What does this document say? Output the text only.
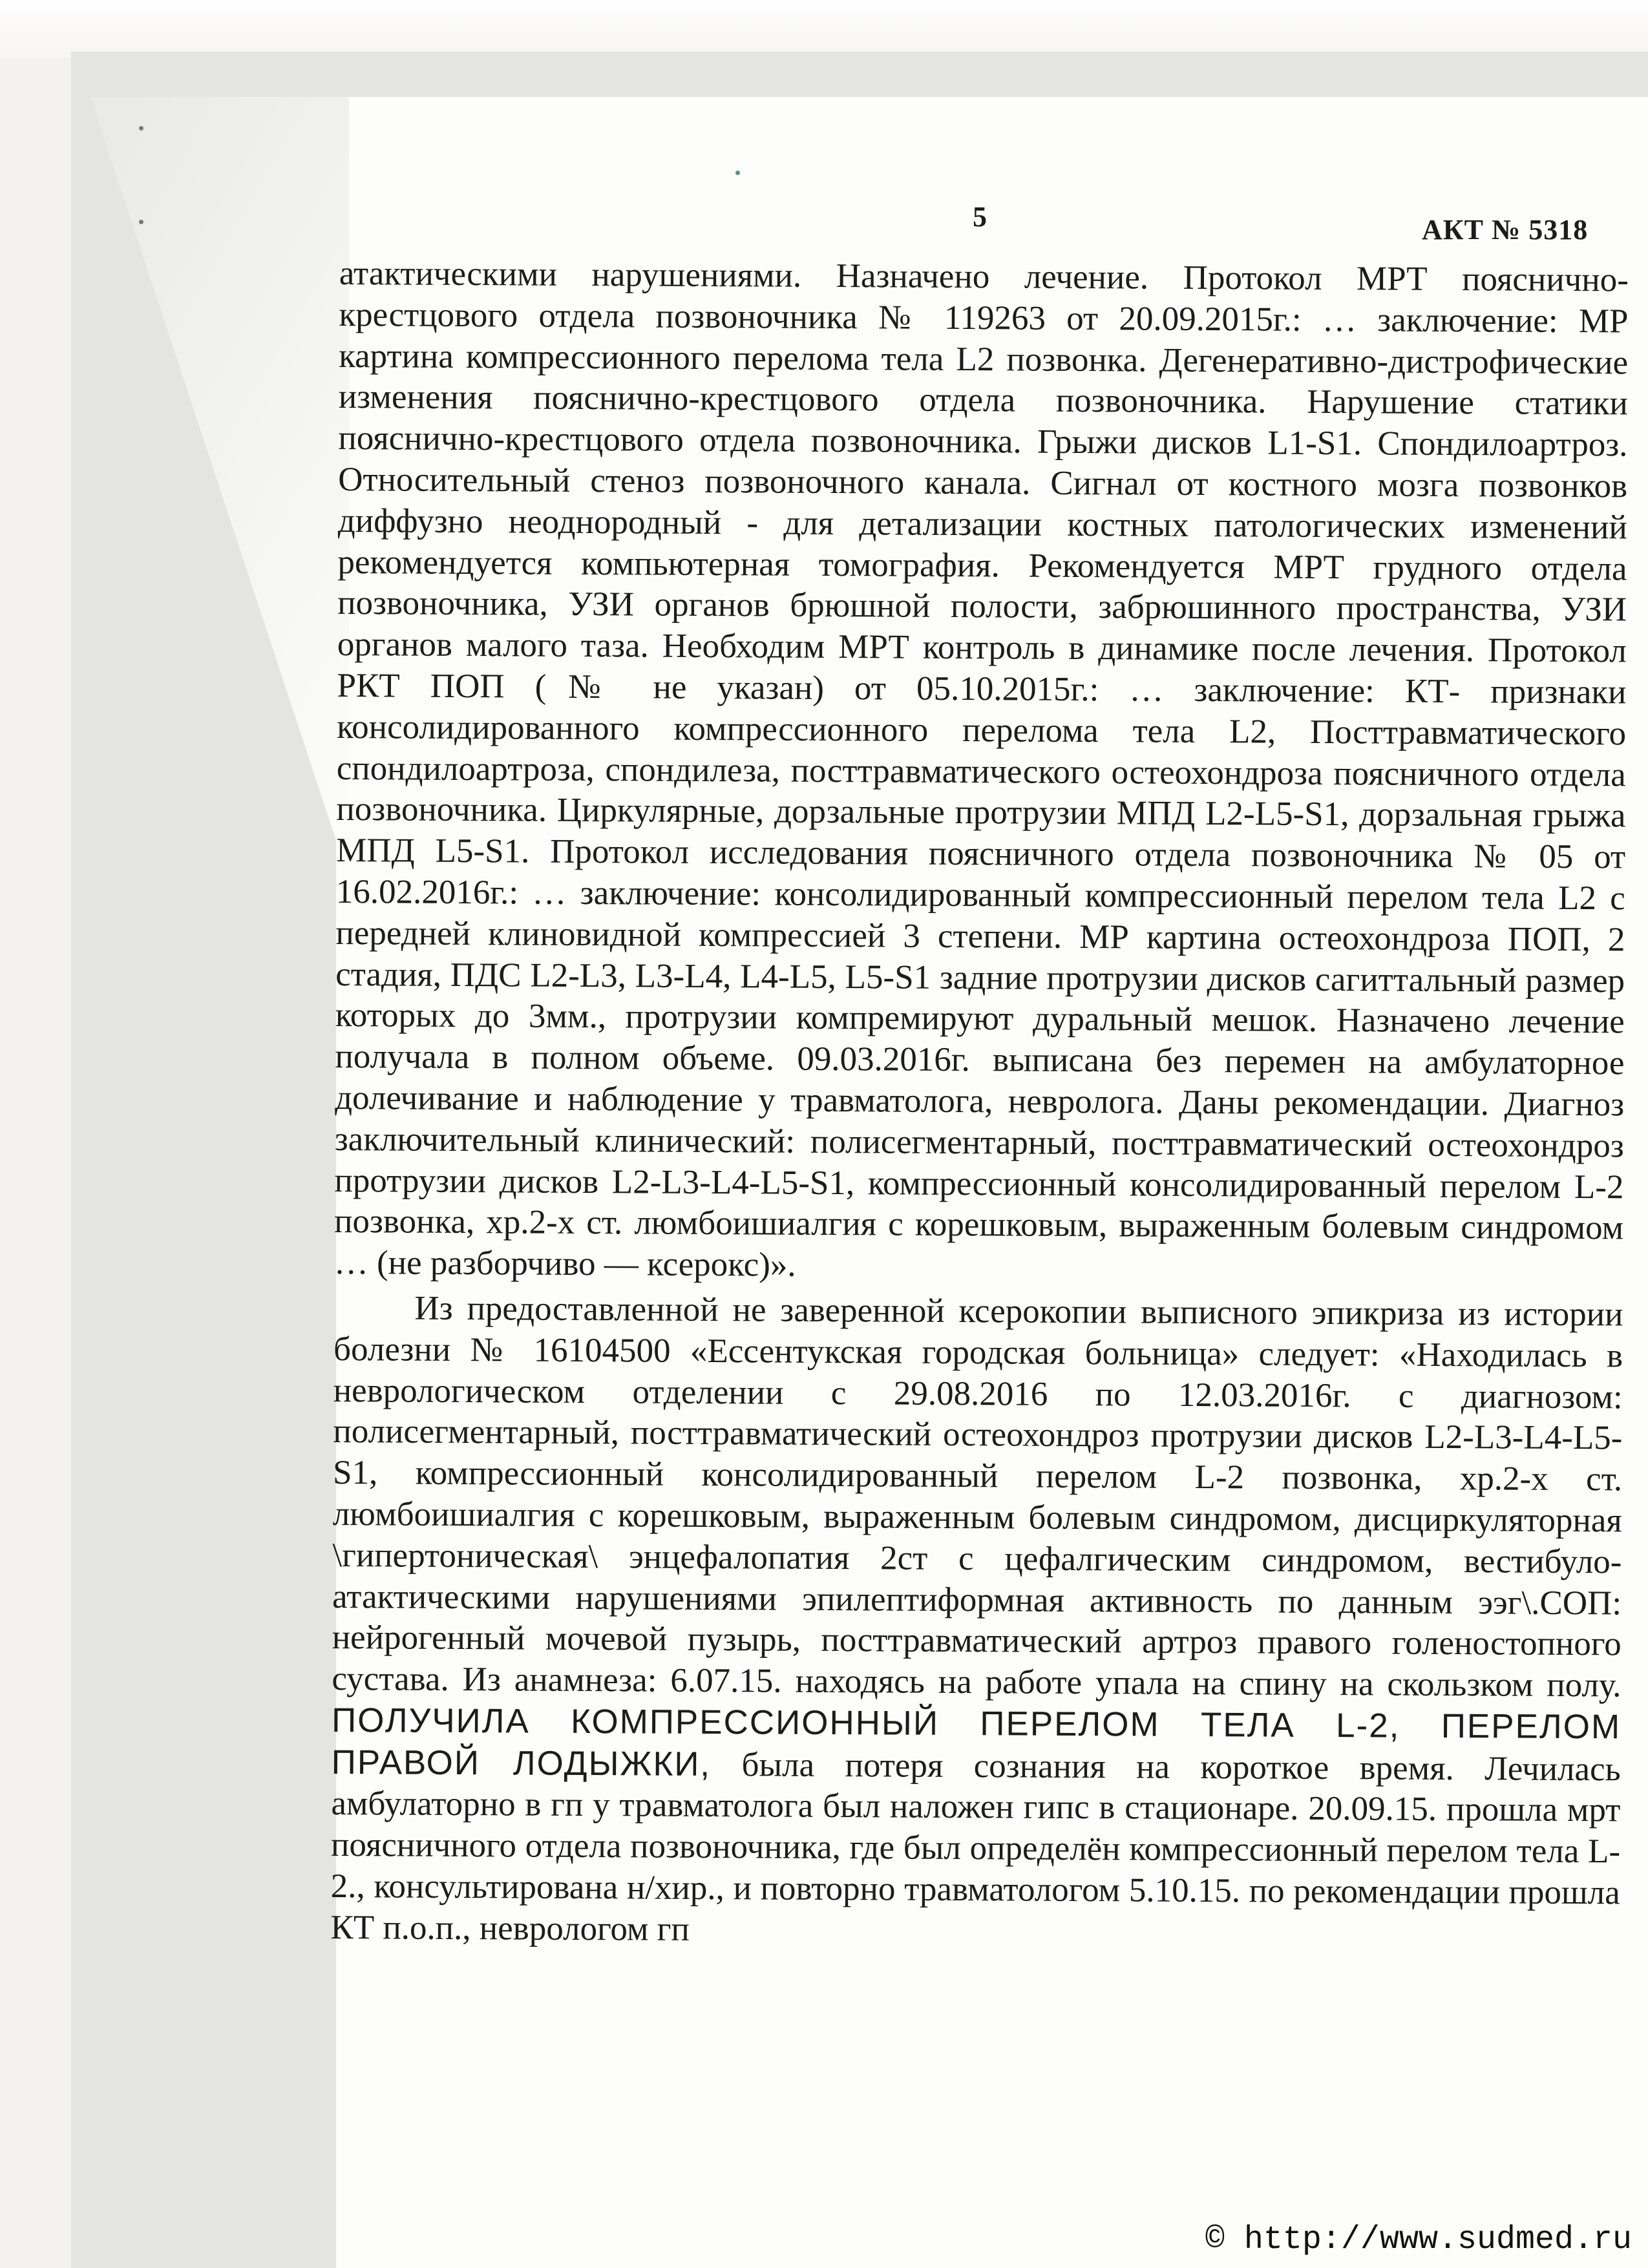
5	АКТ № 5318

атактическими нарушениями. Назначено лечение. Протокол МРТ пояснично-крестцового отдела позвоночника № 119263 от 20.09.2015г.: … заключение: МР картина компрессионного перелома тела L2 позвонка. Дегенеративно-дистрофические изменения пояснично-крестцового отдела позвоночника. Нарушение статики пояснично-крестцового отдела позвоночника. Грыжи дисков L1-S1. Спондилоартроз. Относительный стеноз позвоночного канала. Сигнал от костного мозга позвонков диффузно неоднородный - для детализации костных патологических изменений рекомендуется компьютерная томография. Рекомендуется МРТ грудного отдела позвоночника, УЗИ органов брюшной полости, забрюшинного пространства, УЗИ органов малого таза. Необходим МРТ контроль в динамике после лечения. Протокол РКТ ПОП (№ не указан) от 05.10.2015г.: … заключение: КТ- признаки консолидированного компрессионного перелома тела L2, Посттравматического спондилоартроза, спондилеза, посттравматического остеохондроза поясничного отдела позвоночника. Циркулярные, дорзальные протрузии МПД L2-L5-S1, дорзальная грыжа МПД L5-S1. Протокол исследования поясничного отдела позвоночника № 05 от 16.02.2016г.: … заключение: консолидированный компрессионный перелом тела L2 с передней клиновидной компрессией 3 степени. МР картина остеохондроза ПОП, 2 стадия, ПДС L2-L3, L3-L4, L4-L5, L5-S1 задние протрузии дисков сагиттальный размер которых до 3мм., протрузии компремируют дуральный мешок. Назначено лечение получала в полном объеме. 09.03.2016г. выписана без перемен на амбулаторное долечивание и наблюдение у травматолога, невролога. Даны рекомендации. Диагноз заключительный клинический: полисегментарный, посттравматический остеохондроз протрузии дисков L2-L3-L4-L5-S1, компрессионный консолидированный перелом L-2 позвонка, хр.2-х ст. люмбоишиалгия с корешковым, выраженным болевым синдромом … (не разборчиво — ксерокс)».

Из предоставленной не заверенной ксерокопии выписного эпикриза из истории болезни № 16104500 «Ессентукская городская больница» следует: «Находилась в неврологическом отделении с 29.08.2016 по 12.03.2016г. с диагнозом: полисегментарный, посттравматический остеохондроз протрузии дисков L2-L3-L4-L5-S1, компрессионный консолидированный перелом L-2 позвонка, хр.2-х ст. люмбоишиалгия с корешковым, выраженным болевым синдромом, дисциркуляторная \гипертоническая\ энцефалопатия 2ст с цефалгическим синдромом, вестибуло-атактическими нарушениями эпилептиформная активность по данным ээг\.СОП: нейрогенный мочевой пузырь, посттравматический артроз правого голеностопного сустава. Из анамнеза: 6.07.15. находясь на работе упала на спину на скользком полу. ПОЛУЧИЛА КОМПРЕССИОННЫЙ ПЕРЕЛОМ ТЕЛА L-2, ПЕРЕЛОМ ПРАВОЙ ЛОДЫЖКИ, была потеря сознания на короткое время. Лечилась амбулаторно в гп у травматолога был наложен гипс в стационаре. 20.09.15. прошла мрт поясничного отдела позвоночника, где был определён компрессионный перелом тела L-2., консультирована н/хир., и повторно травматологом 5.10.15. по рекомендации прошла КТ п.о.п., неврологом гп

© http://www.sudmed.ru
